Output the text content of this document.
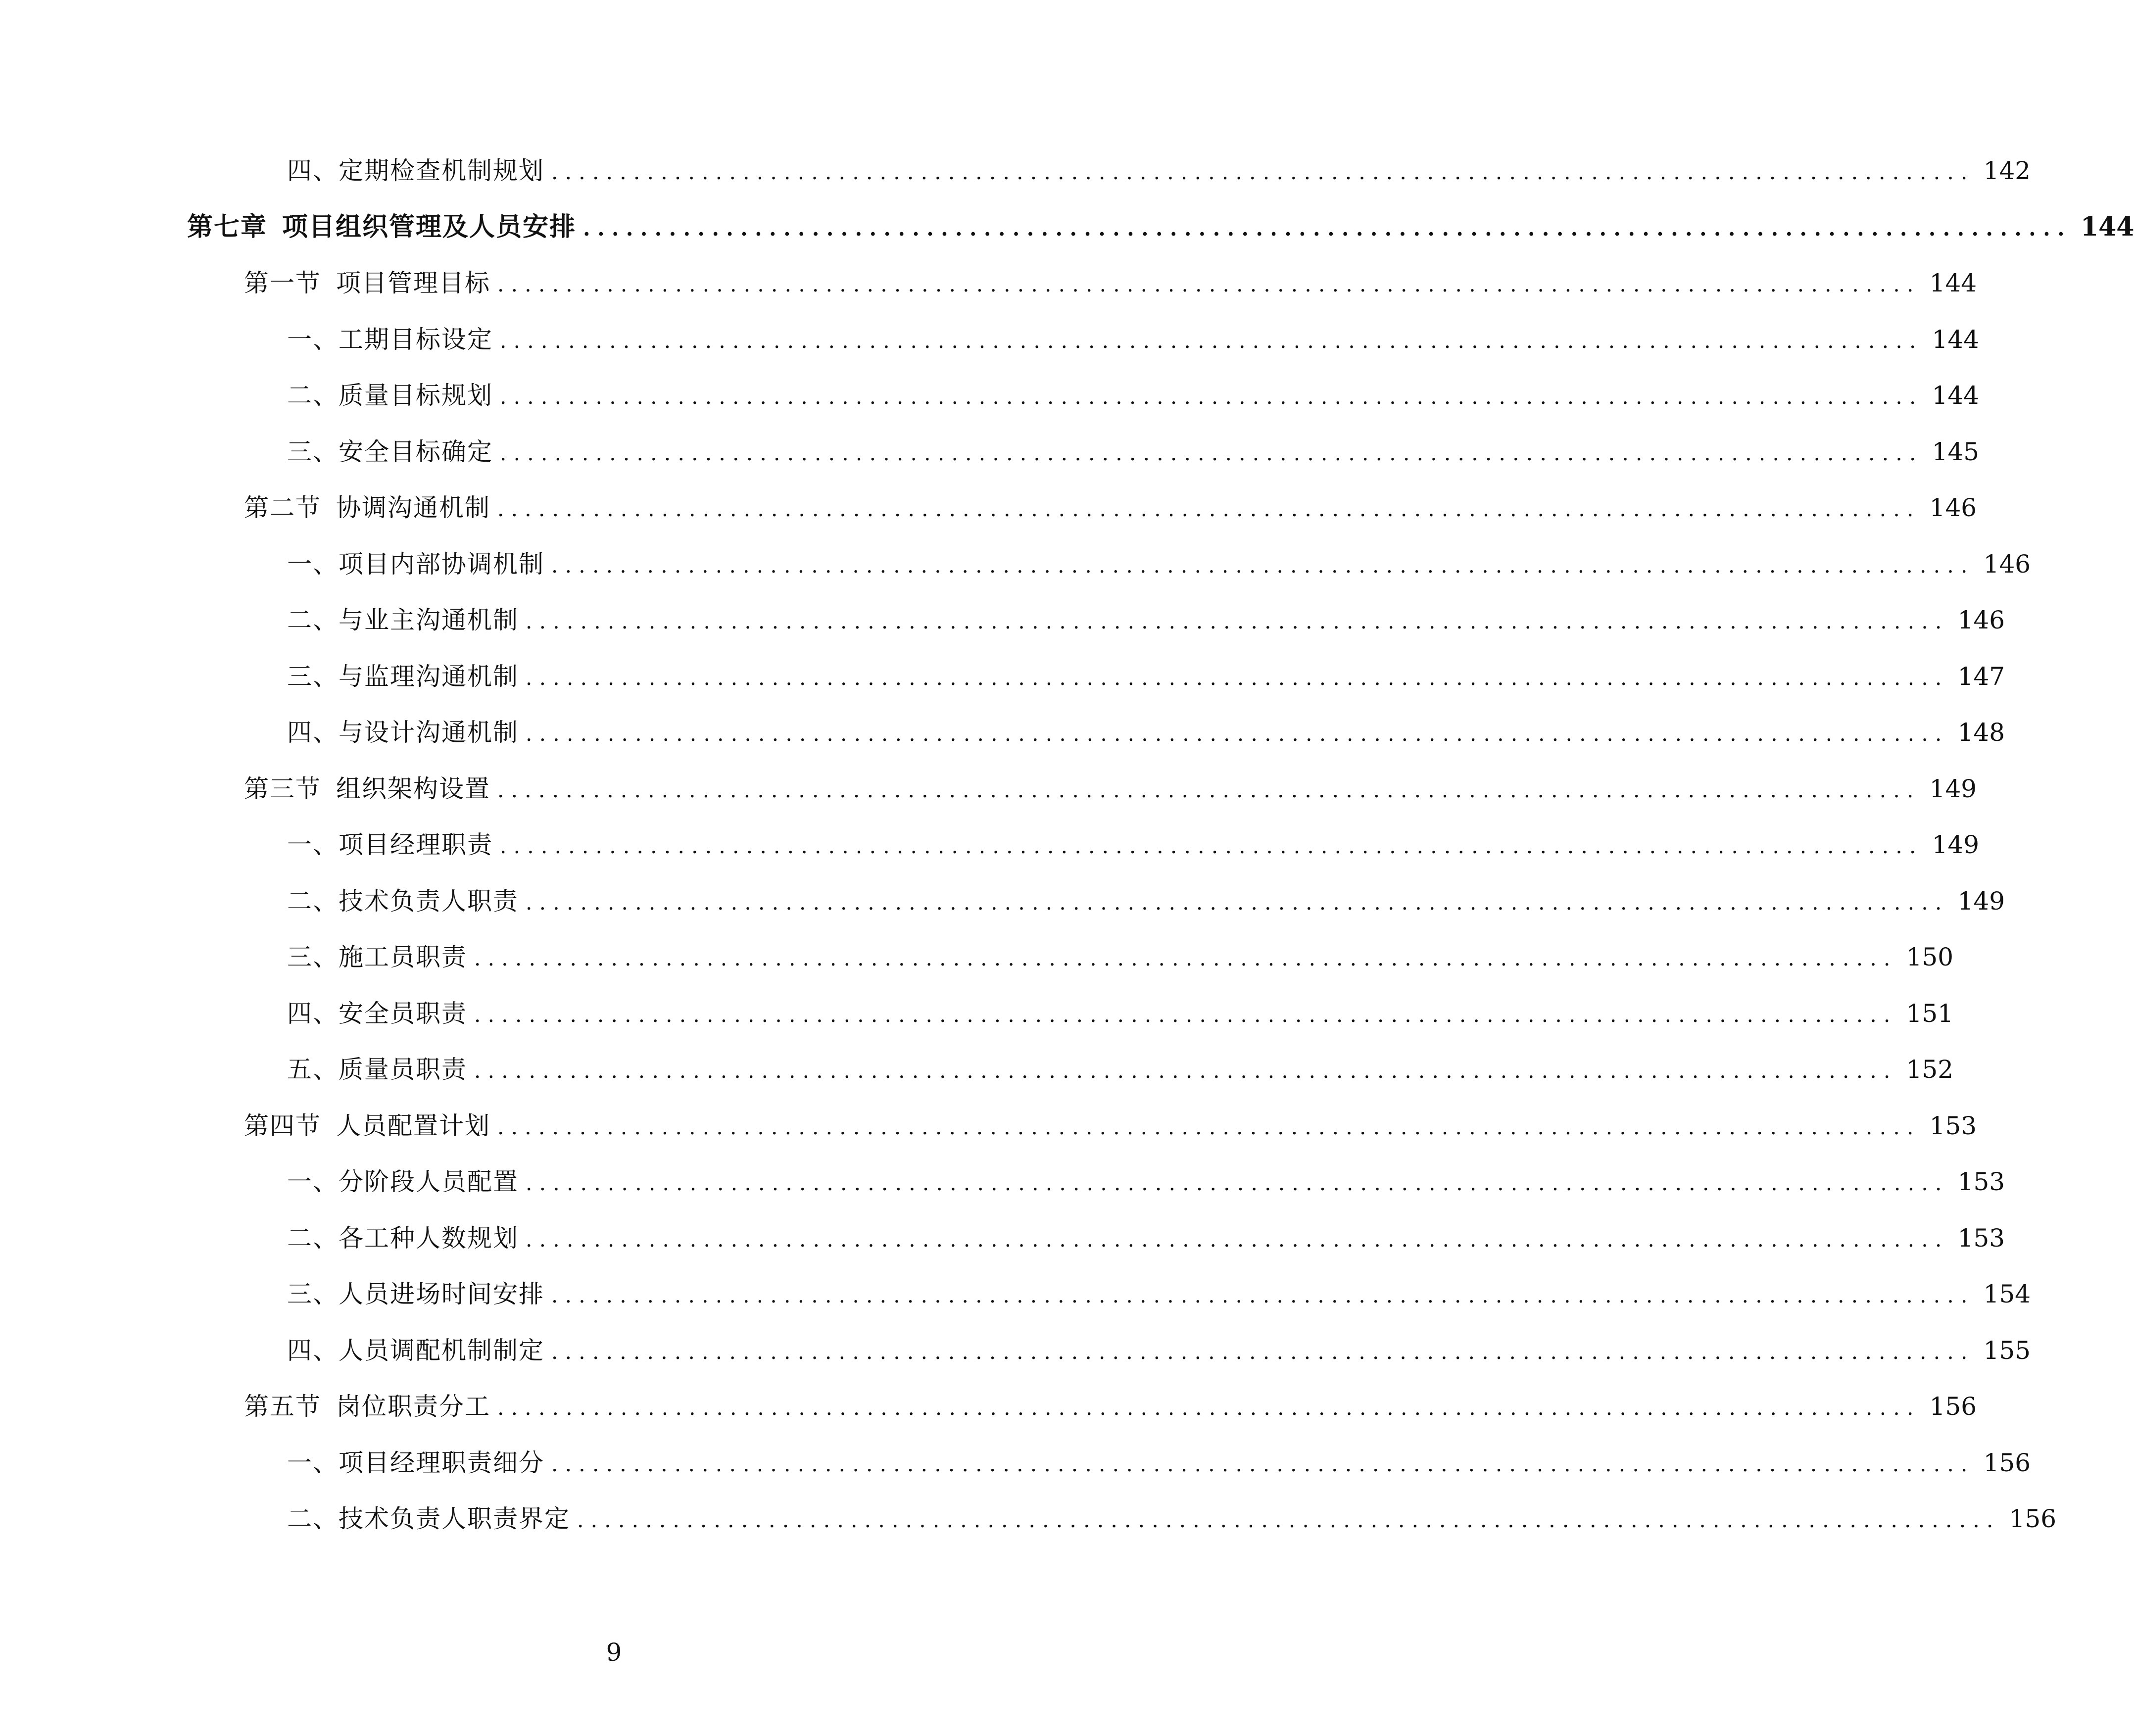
四、定期检查机制规划 ........................................................................................................ 142
第七章 项目组织管理及人员安排 ........................................................................................................ 144
第一节 项目管理目标 ........................................................................................................ 144
一、工期目标设定 ........................................................................................................ 144
二、质量目标规划 ........................................................................................................ 144
三、安全目标确定 ........................................................................................................ 145
第二节 协调沟通机制 ........................................................................................................ 146
一、项目内部协调机制 ........................................................................................................ 146
二、与业主沟通机制 ........................................................................................................ 146
三、与监理沟通机制 ........................................................................................................ 147
四、与设计沟通机制 ........................................................................................................ 148
第三节 组织架构设置 ........................................................................................................ 149
一、项目经理职责 ........................................................................................................ 149
二、技术负责人职责 ........................................................................................................ 149
三、施工员职责 ........................................................................................................ 150
四、安全员职责 ........................................................................................................ 151
五、质量员职责 ........................................................................................................ 152
第四节 人员配置计划 ........................................................................................................ 153
一、分阶段人员配置 ........................................................................................................ 153
二、各工种人数规划 ........................................................................................................ 153
三、人员进场时间安排 ........................................................................................................ 154
四、人员调配机制制定 ........................................................................................................ 155
第五节 岗位职责分工 ........................................................................................................ 156
一、项目经理职责细分 ........................................................................................................ 156
二、技术负责人职责界定 ........................................................................................................ 156
9
